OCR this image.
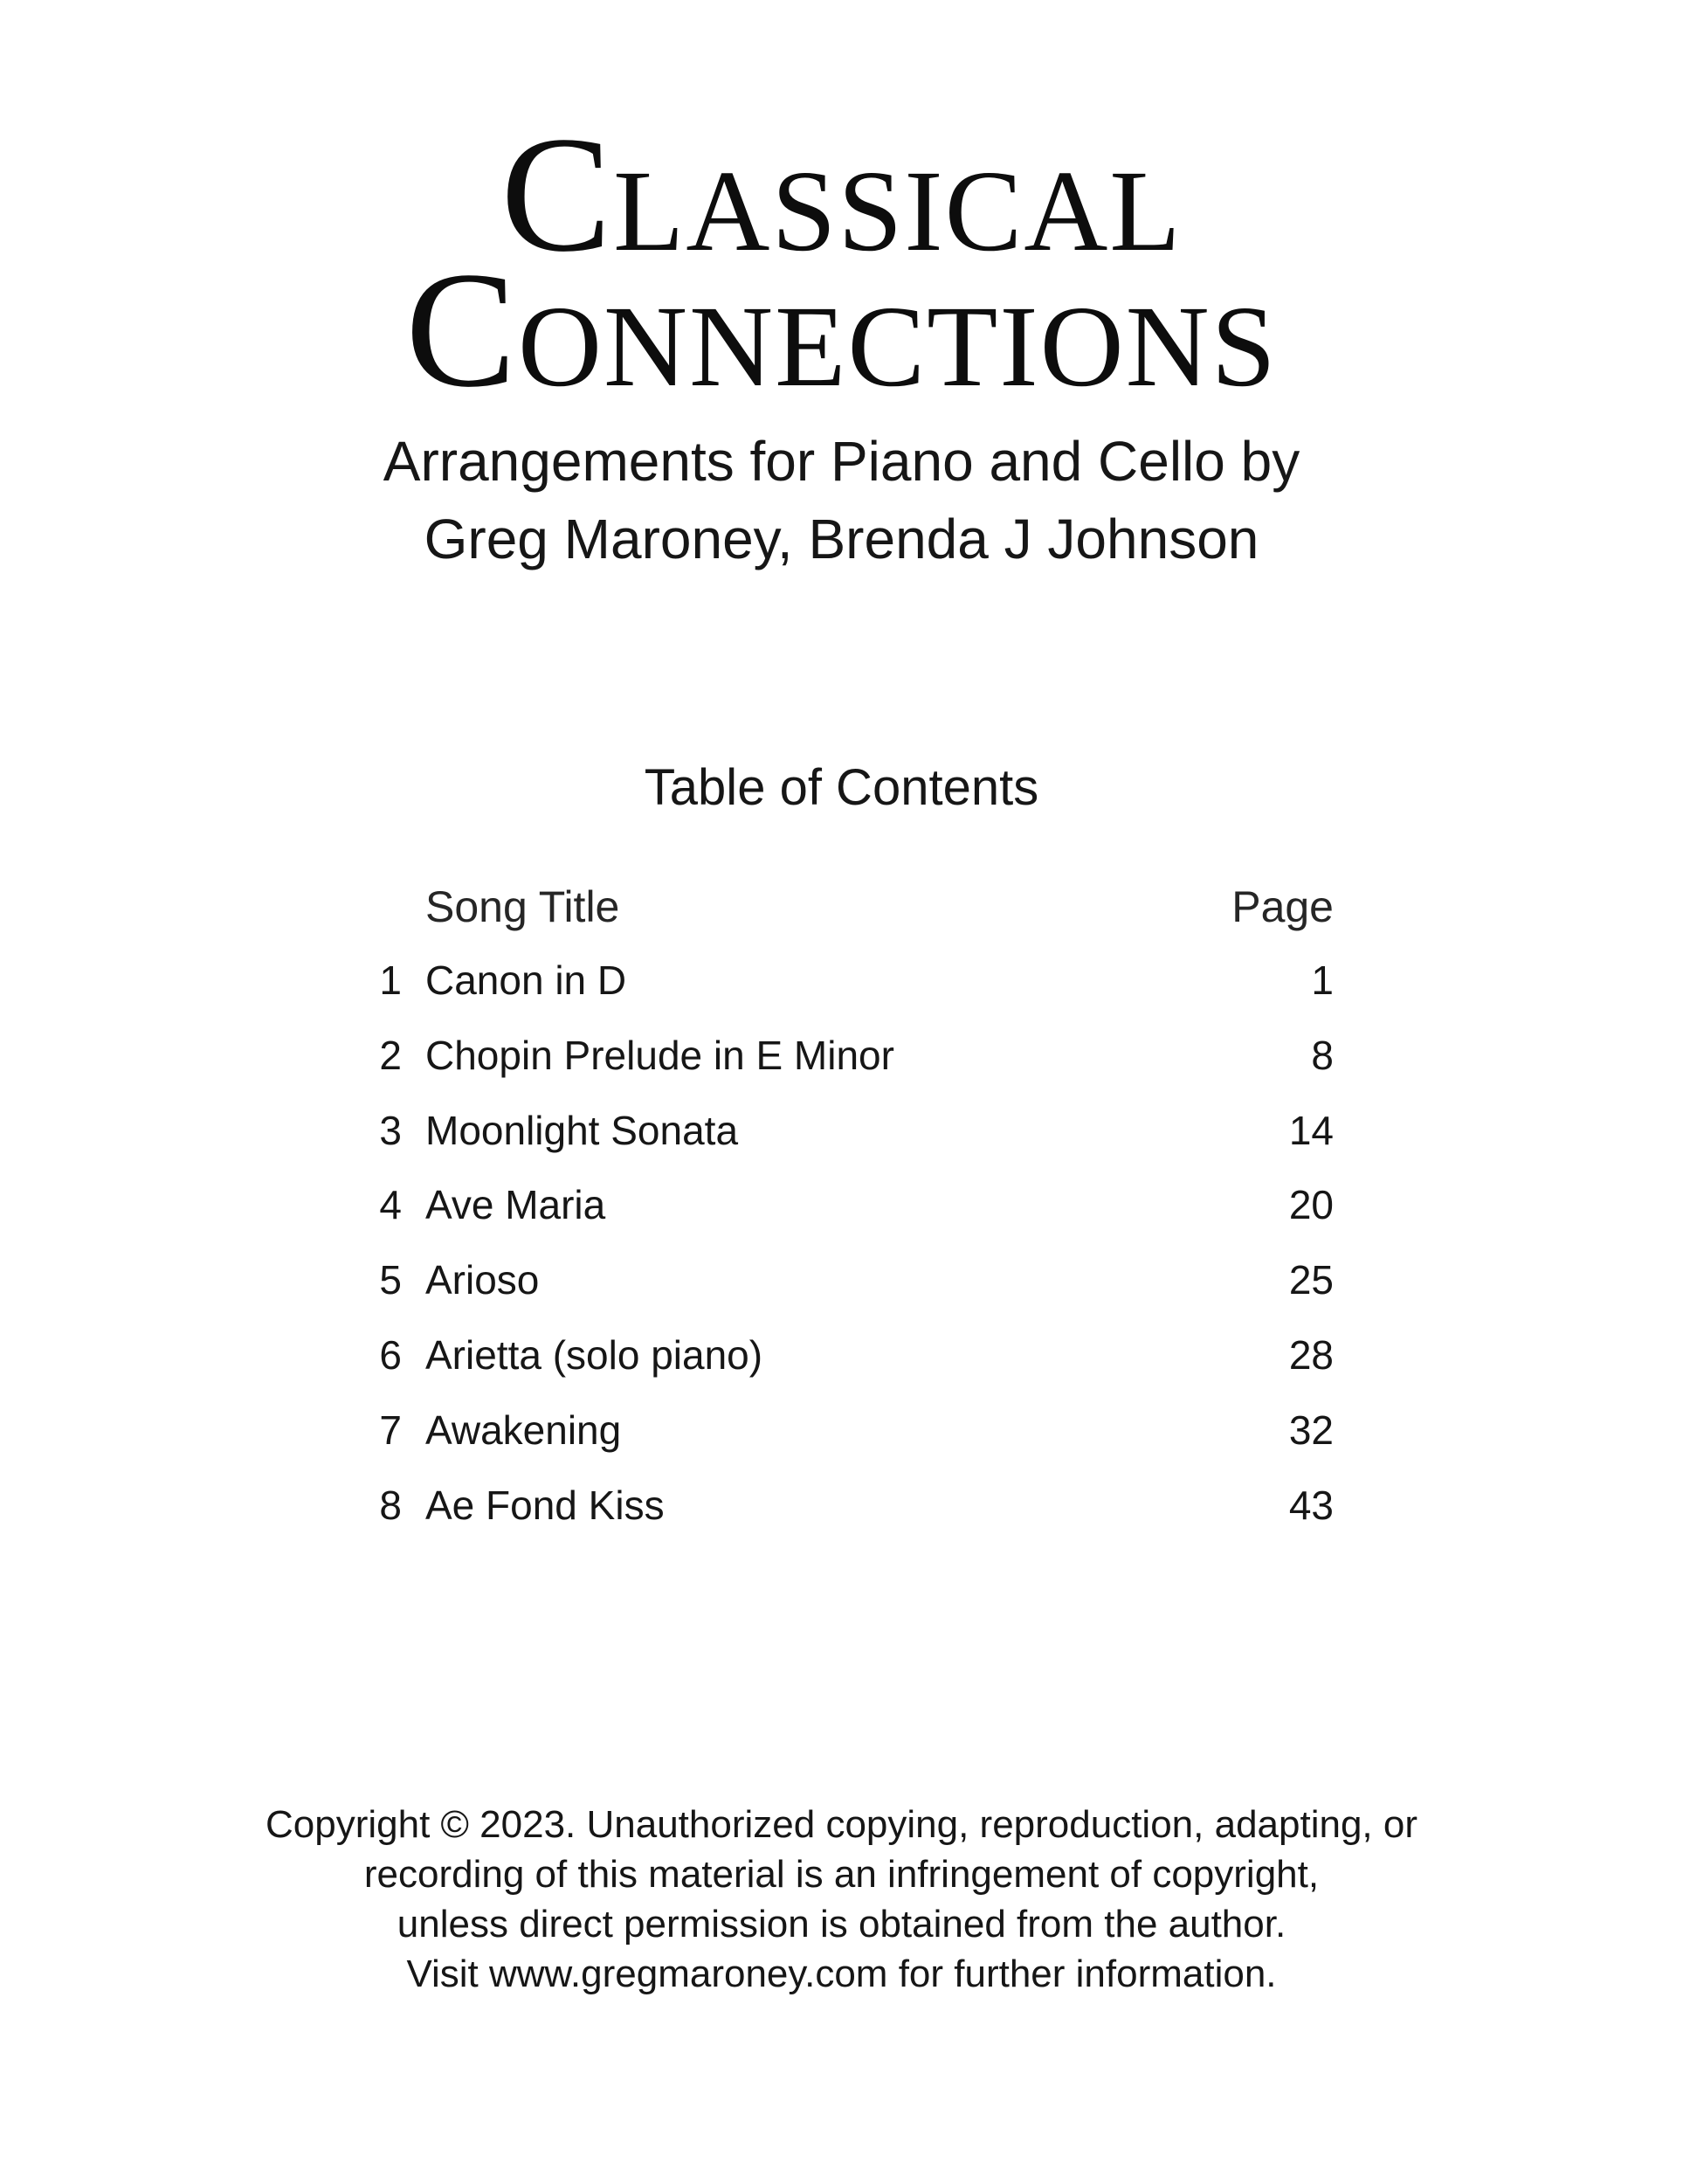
Classical
Connections
Arrangements for Piano and Cello by
Greg Maroney, Brenda J Johnson
Table of Contents
Song Title	Page
1 Canon in D	1
2 Chopin Prelude in E Minor	8
3 Moonlight Sonata	14
4 Ave Maria	20
5 Arioso	25
6 Arietta (solo piano)	28
7 Awakening	32
8 Ae Fond Kiss	43
Copyright © 2023. Unauthorized copying, reproduction, adapting, or
recording of this material is an infringement of copyright,
unless direct permission is obtained from the author.
Visit www.gregmaroney.com for further information.
